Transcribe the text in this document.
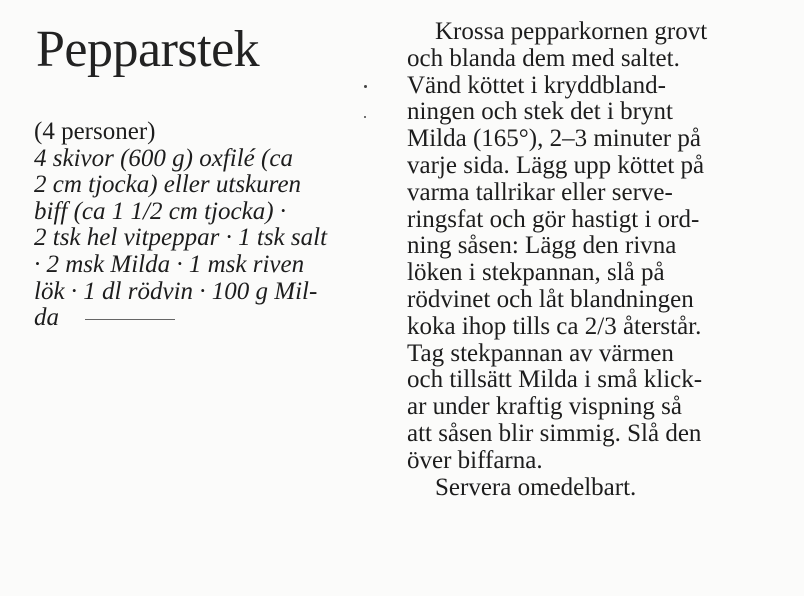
Pepparstek
(4 personer)
4 skivor (600 g) oxfilé (ca
2 cm tjocka) eller utskuren
biff (ca 1 1/2 cm tjocka) ·
2 tsk hel vitpeppar · 1 tsk salt
· 2 msk Milda · 1 msk riven
lök · 1 dl rödvin · 100 g Mil-
da
Krossa pepparkornen grovt
och blanda dem med saltet.
Vänd köttet i kryddbland-
ningen och stek det i brynt
Milda (165°), 2–3 minuter på
varje sida. Lägg upp köttet på
varma tallrikar eller serve-
ringsfat och gör hastigt i ord-
ning såsen: Lägg den rivna
löken i stekpannan, slå på
rödvinet och låt blandningen
koka ihop tills ca 2/3 återstår.
Tag stekpannan av värmen
och tillsätt Milda i små klick-
ar under kraftig vispning så
att såsen blir simmig. Slå den
över biffarna.
Servera omedelbart.
